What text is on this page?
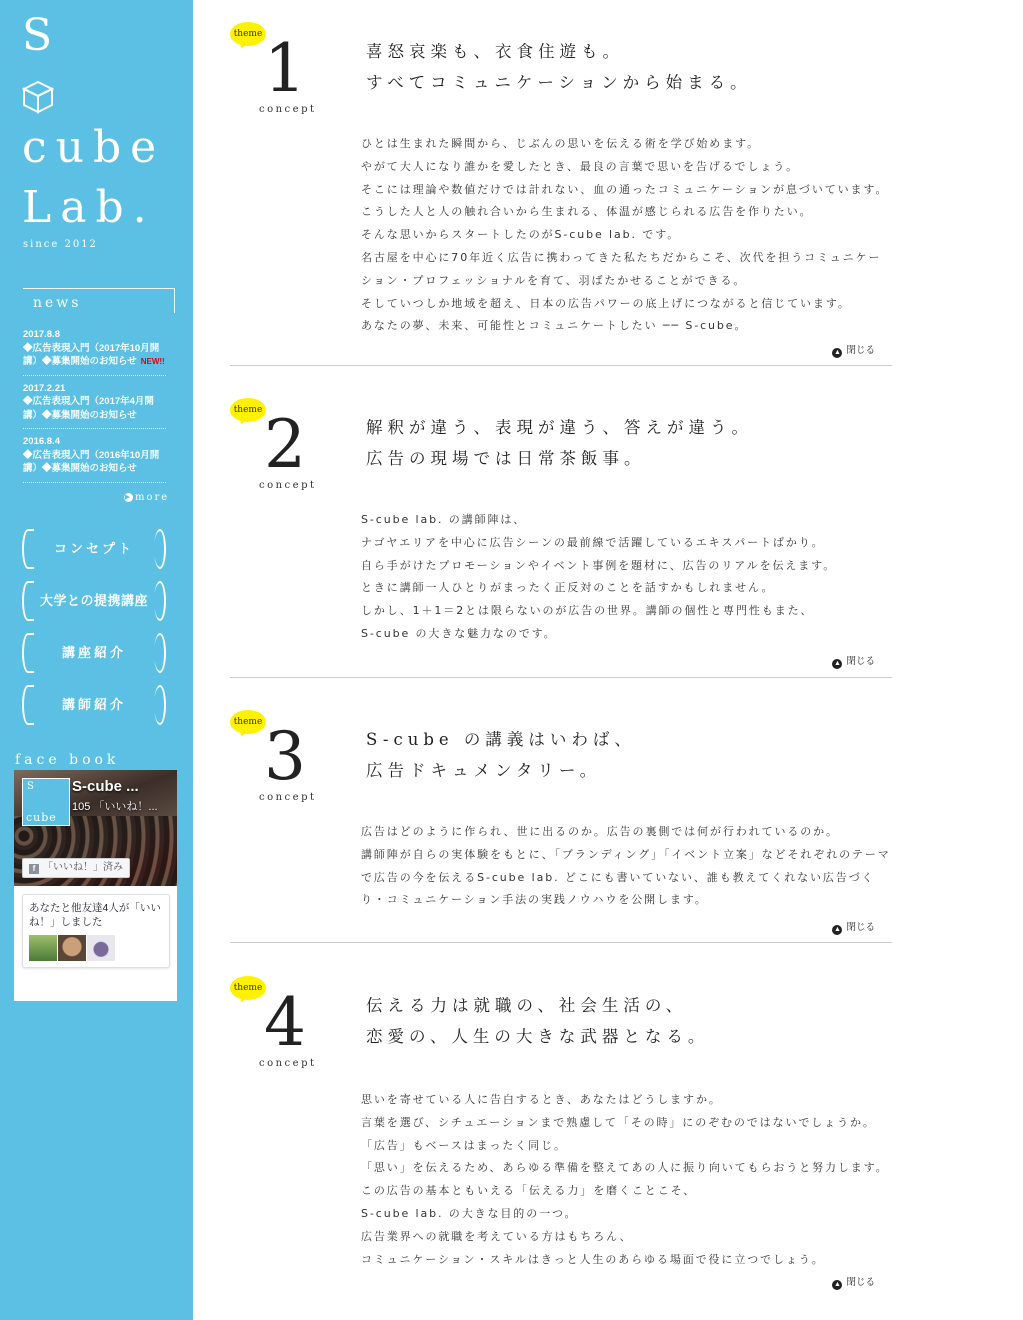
S
cube
Lab.
since 2012
news
2017.8.8
◆広告表現入門（2017年10月開講）◆募集開始のお知らせ NEW!!
2017.2.21
◆広告表現入門（2017年4月開講）◆募集開始のお知らせ
2016.8.4
◆広告表現入門（2016年10月開講）◆募集開始のお知らせ
▶ more
コンセプト
大学との提携講座
講座紹介
講師紹介
face book
S
cube
S-cube ...
105 「いいね！...
f 「いいね！」済み
あなたと他友達4人が「いいね！」しました
theme 1
concept
喜怒哀楽も、衣食住遊も。
すべてコミュニケーションから始まる。
ひとは生まれた瞬間から、じぶんの思いを伝える術を学び始めます。
やがて大人になり誰かを愛したとき、最良の言葉で思いを告げるでしょう。
そこには理論や数値だけでは計れない、血の通ったコミュニケーションが息づいています。
こうした人と人の触れ合いから生まれる、体温が感じられる広告を作りたい。
そんな思いからスタートしたのがS-cube lab. です。
名古屋を中心に70年近く広告に携わってきた私たちだからこそ、次代を担うコミュニケー
ション・プロフェッショナルを育て、羽ばたかせることができる。
そしていつしか地域を超え、日本の広告パワーの底上げにつながると信じています。
あなたの夢、未来、可能性とコミュニケートしたい ── S-cube。
▲ 閉じる
theme 2
concept
解釈が違う、表現が違う、答えが違う。
広告の現場では日常茶飯事。
S-cube lab. の講師陣は、
ナゴヤエリアを中心に広告シーンの最前線で活躍しているエキスパートばかり。
自ら手がけたプロモーションやイベント事例を題材に、広告のリアルを伝えます。
ときに講師一人ひとりがまったく正反対のことを話すかもしれません。
しかし、1＋1＝2とは限らないのが広告の世界。講師の個性と専門性もまた、
S-cube の大きな魅力なのです。
▲ 閉じる
theme 3
concept
S-cube の講義はいわば、
広告ドキュメンタリー。
広告はどのように作られ、世に出るのか。広告の裏側では何が行われているのか。
講師陣が自らの実体験をもとに、「ブランディング」「イベント立案」などそれぞれのテーマ
で広告の今を伝えるS-cube lab. どこにも書いていない、誰も教えてくれない広告づく
り・コミュニケーション手法の実践ノウハウを公開します。
▲ 閉じる
theme 4
concept
伝える力は就職の、社会生活の、
恋愛の、人生の大きな武器となる。
思いを寄せている人に告白するとき、あなたはどうしますか。
言葉を選び、シチュエーションまで熟慮して「その時」にのぞむのではないでしょうか。
「広告」もベースはまったく同じ。
「思い」を伝えるため、あらゆる準備を整えてあの人に振り向いてもらおうと努力します。
この広告の基本ともいえる「伝える力」を磨くことこそ、
S-cube lab. の大きな目的の一つ。
広告業界への就職を考えている方はもちろん、
コミュニケーション・スキルはきっと人生のあらゆる場面で役に立つでしょう。
▲ 閉じる
